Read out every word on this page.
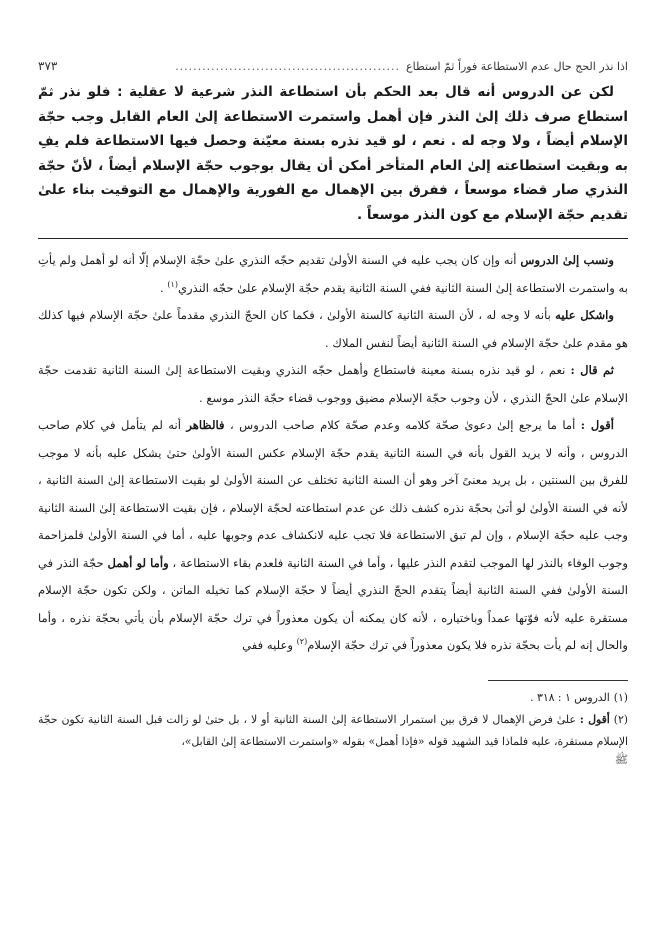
اذا نذر الحج حال عدم الاستطاعة فوراً ثمّ استطاع
..................................................
٣٧٣

لكن عن الدروس أنه قال بعد الحكم بأن استطاعة النذر شرعية لا عقلية : فلو نذر ثمّ استطاع صرف ذلك إلىٰ النذر فإن أهمل واستمرت الاستطاعة إلىٰ العام القابل وجب حجّة الإسلام أيضاً ، ولا وجه له . نعم ، لو قيد نذره بسنة معيّنة وحصل فيها الاستطاعة فلم يفِ به وبقيت استطاعته إلىٰ العام المتأخر أمكن أن يقال بوجوب حجّة الإسلام أيضاً ، لأنّ حجّة النذري صار قضاء موسعاً ، ففرق بين الإهمال مع الفورية والإهمال مع التوقيت بناء علىٰ تقديم حجّة الإسلام مع كون النذر موسعاً .

ونسب إلىٰ الدروس أنه وإن كان يجب عليه في السنة الأولىٰ تقديم حجّه النذري علىٰ حجّة الإسلام إلّا أنه لو أهمل ولم يأتِ به واستمرت الاستطاعة إلىٰ السنة الثانية ففي السنة الثانية يقدم حجّة الإسلام علىٰ حجّه النذري$^{(١)}$ .

واشكل عليه بأنه لا وجه له ، لأن السنة الثانية كالسنة الأولىٰ ، فكما كان الحجّ النذري مقدماً علىٰ حجّة الإسلام فيها كذلك هو مقدم علىٰ حجّة الإسلام في السنة الثانية أيضاً لنفس الملاك .

ثم قال : نعم ، لو قيد نذره بسنة معينة فاستطاع وأهمل حجّه النذري وبقيت الاستطاعة إلىٰ السنة الثانية تقدمت حجّة الإسلام علىٰ الحجّ النذري ، لأن وجوب حجّة الإسلام مضيق ووجوب قضاء حجّة النذر موسع .

أقول : أما ما يرجع إلىٰ دعوىٰ صحّة كلامه وعدم صحّة كلام صاحب الدروس ، فالظاهر أنه لم يتأمل في كلام صاحب الدروس ، وأنه لا يريد القول بأنه في السنة الثانية يقدم حجّة الإسلام عكس السنة الأولىٰ حتىٰ يشكل عليه بأنه لا موجب للفرق بين السنتين ، بل يريد معنىً آخر وهو أن السنة الثانية تختلف عن السنة الأولىٰ لو بقيت الاستطاعة إلىٰ السنة الثانية ، لأنه في السنة الأولىٰ لو أتىٰ بحجّة نذره كشف ذلك عن عدم استطاعته لحجّة الإسلام ، فإن بقيت الاستطاعة إلىٰ السنة الثانية وجب عليه حجّة الإسلام ، وإن لم تبق الاستطاعة فلا تجب عليه لانكشاف عدم وجوبها عليه ، أما في السنة الأولىٰ فلمزاحمة وجوب الوفاء بالنذر لها الموجب لتقدم النذر عليها ، وأما في السنة الثانية فلعدم بقاء الاستطاعة ، وأما لو أهمل حجّة النذر في السنة الأولىٰ ففي السنة الثانية أيضاً يتقدم الحجّ النذري أيضاً لا حجّة الإسلام كما تخيله الماتن ، ولكن تكون حجّة الإسلام مستقرة عليه لأنه فوّتها عمداً وباختياره ، لأنه كان يمكنه أن يكون معذوراً في ترك حجّة الإسلام بأن يأتي بحجّة نذره ، وأما والحال إنه لم يأت بحجّة نذره فلا يكون معذوراً في ترك حجّة الإسلام$^{(٢)}$ وعليه ففي

(١)الدروس ١ : ٣١٨ .

(٢)أقول : علىٰ فرض الإهمال لا فرق بين استمرار الاستطاعة إلىٰ السنة الثانية أو لا ، بل حتىٰ لو زالت قبل السنة الثانية تكون حجّة الإسلام مستقرة، عليه فلماذا قيد الشهيد قوله «فإذا أهمل» بقوله «واستمرت الاستطاعة إلىٰ القابل»،

ﷺ
